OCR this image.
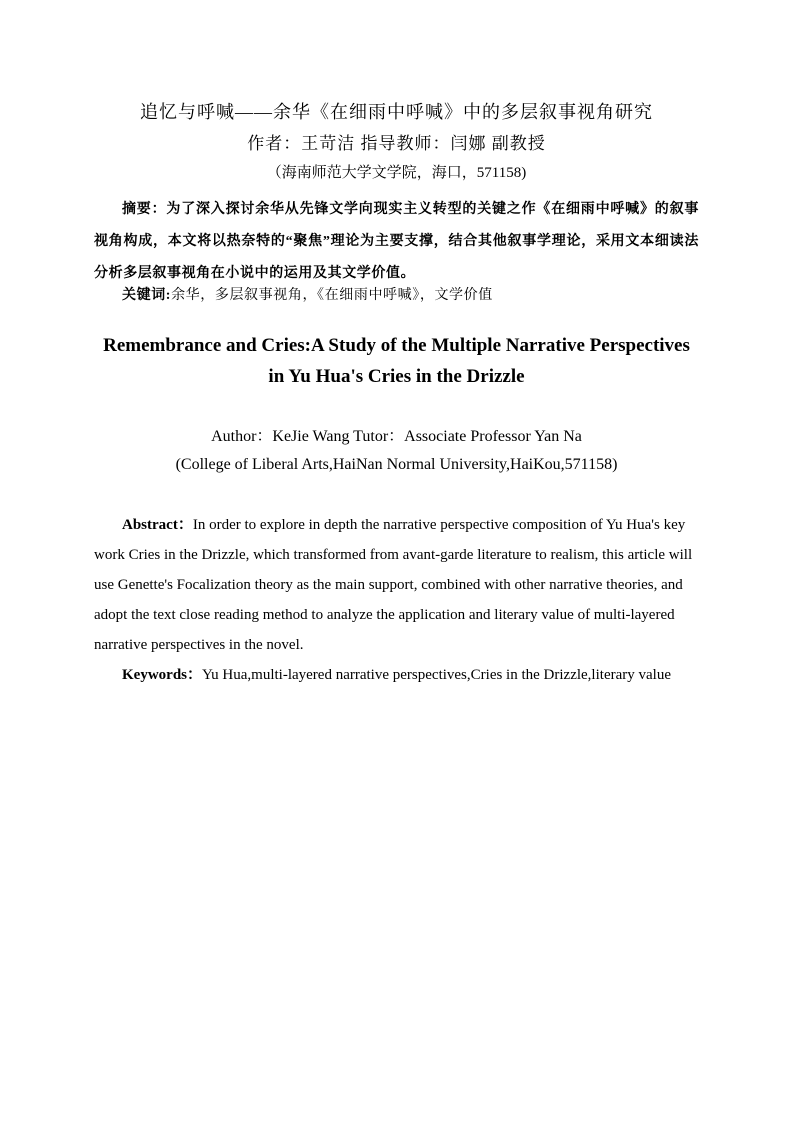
追忆与呼喊——余华《在细雨中呼喊》中的多层叙事视角研究
作者：王苛洁 指导教师：闫娜 副教授
（海南师范大学文学院，海口，571158)

摘要：为了深入探讨余华从先锋文学向现实主义转型的关键之作《在细雨中呼喊》的叙事视角构成，本文将以热奈特的“聚焦”理论为主要支撑，结合其他叙事学理论，采用文本细读法分析多层叙事视角在小说中的运用及其文学价值。

关键词:余华，多层叙事视角，《在细雨中呼喊》，文学价值

Remembrance and Cries:A Study of the Multiple Narrative Perspectives in Yu Hua's Cries in the Drizzle
Author：KeJie Wang Tutor：Associate Professor Yan Na
(College of Liberal Arts,HaiNan Normal University,HaiKou,571158)

Abstract：In order to explore in depth the narrative perspective composition of Yu Hua's key work Cries in the Drizzle, which transformed from avant-garde literature to realism, this article will use Genette's Focalization theory as the main support, combined with other narrative theories, and adopt the text close reading method to analyze the application and literary value of multi-layered narrative perspectives in the novel.

Keywords：Yu Hua,multi-layered narrative perspectives,Cries in the Drizzle,literary value
